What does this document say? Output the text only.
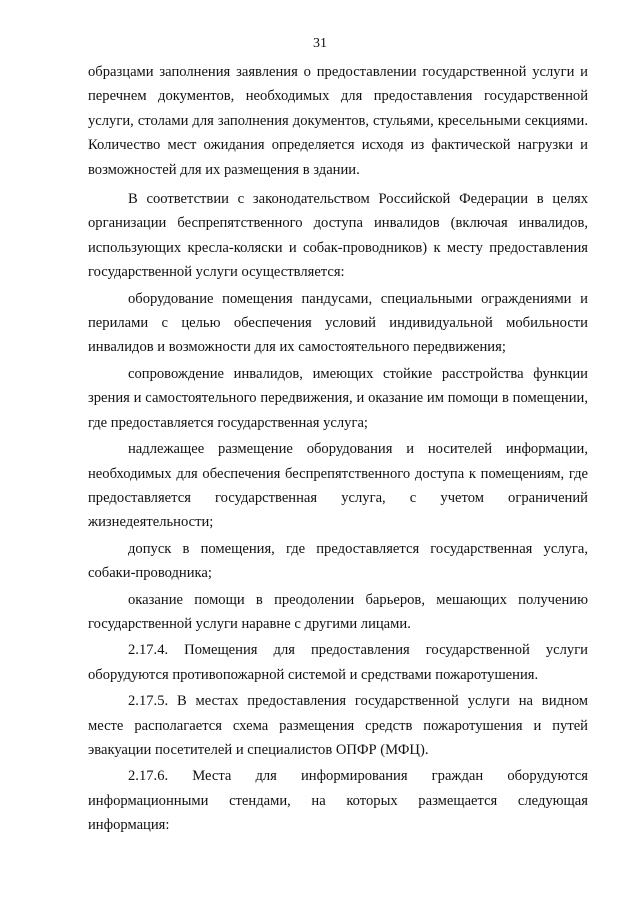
31

образцами заполнения заявления о предоставлении государственной услуги и перечнем документов, необходимых для предоставления государственной услуги, столами для заполнения документов, стульями, кресельными секциями. Количество мест ожидания определяется исходя из фактической нагрузки и возможностей для их размещения в здании.

В соответствии с законодательством Российской Федерации в целях организации беспрепятственного доступа инвалидов (включая инвалидов, использующих кресла-коляски и собак-проводников) к месту предоставления государственной услуги осуществляется:

оборудование помещения пандусами, специальными ограждениями и перилами с целью обеспечения условий индивидуальной мобильности инвалидов и возможности для их самостоятельного передвижения;

сопровождение инвалидов, имеющих стойкие расстройства функции зрения и самостоятельного передвижения, и оказание им помощи в помещении, где предоставляется государственная услуга;

надлежащее размещение оборудования и носителей информации, необходимых для обеспечения беспрепятственного доступа к помещениям, где предоставляется государственная услуга, с учетом ограничений жизнедеятельности;

допуск в помещения, где предоставляется государственная услуга, собаки-проводника;

оказание помощи в преодолении барьеров, мешающих получению государственной услуги наравне с другими лицами.

2.17.4. Помещения для предоставления государственной услуги оборудуются противопожарной системой и средствами пожаротушения.

2.17.5. В местах предоставления государственной услуги на видном месте располагается схема размещения средств пожаротушения и путей эвакуации посетителей и специалистов ОПФР (МФЦ).

2.17.6. Места для информирования граждан оборудуются информационными стендами, на которых размещается следующая информация:
